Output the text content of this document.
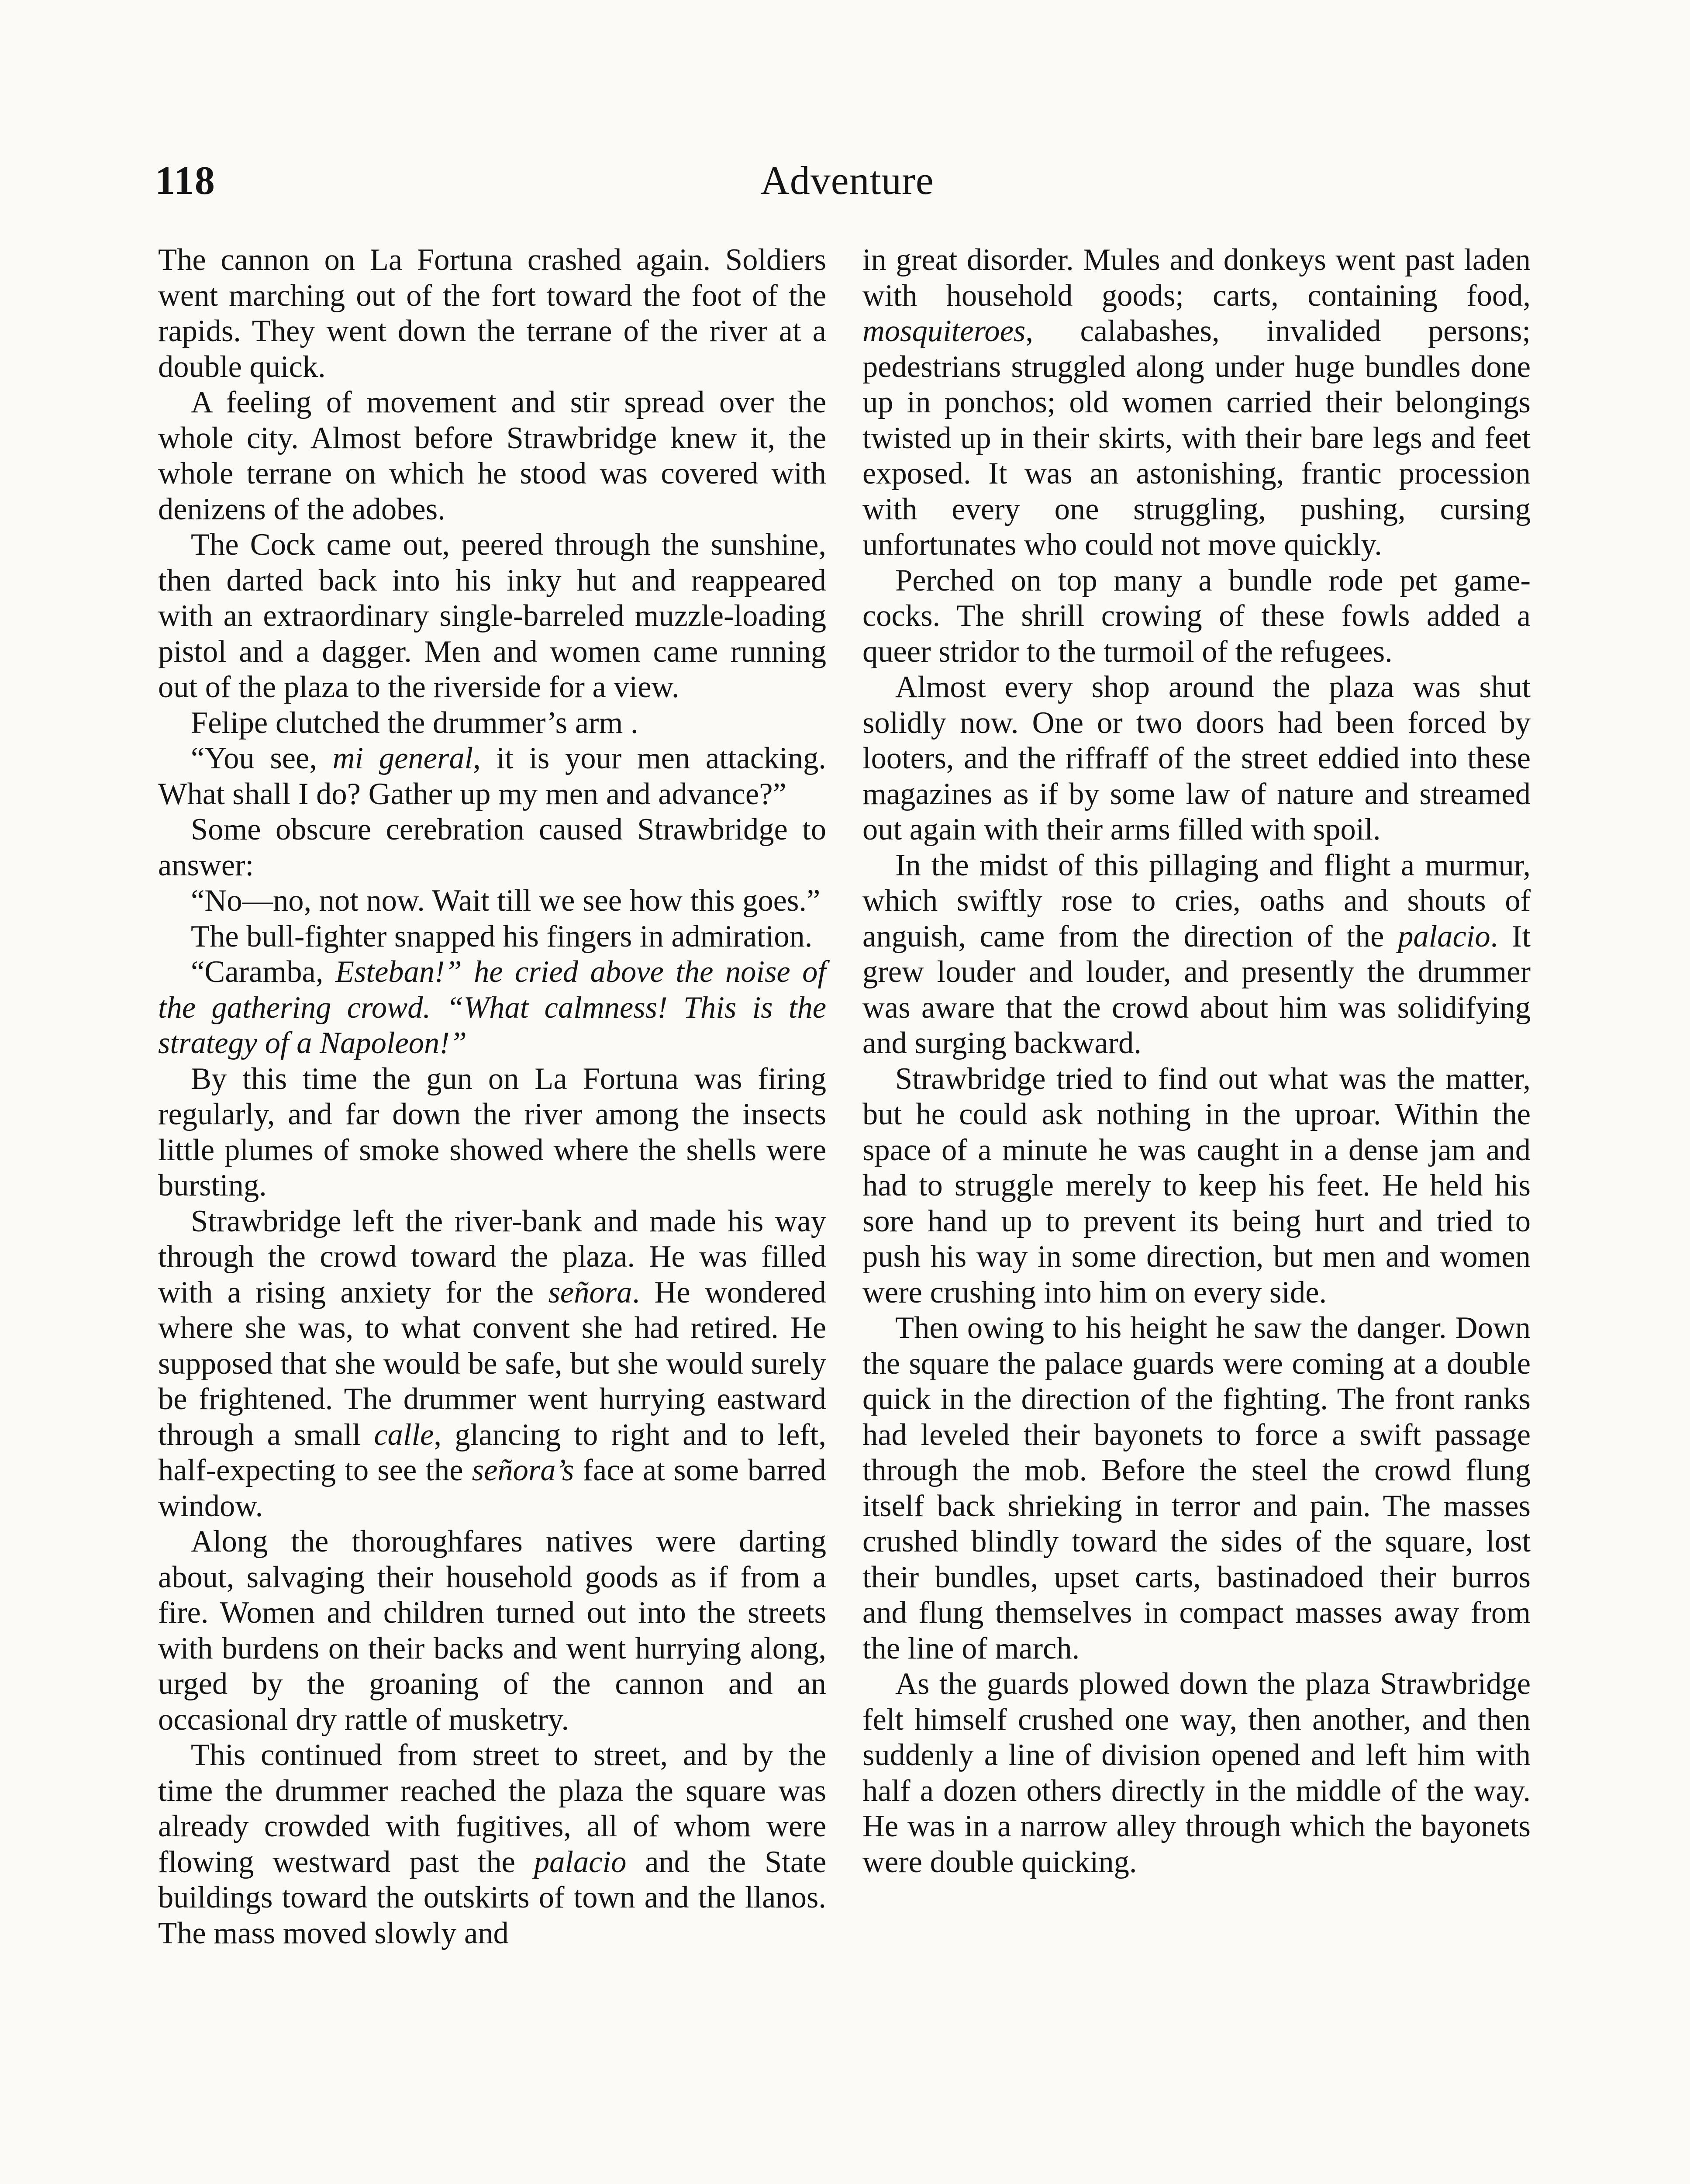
118	Adventure

The cannon on La Fortuna crashed again. Soldiers went marching out of the fort toward the foot of the rapids. They went down the terrane of the river at a double quick.

A feeling of movement and stir spread over the whole city. Almost before Strawbridge knew it, the whole terrane on which he stood was covered with denizens of the adobes.

The Cock came out, peered through the sunshine, then darted back into his inky hut and reappeared with an extraordinary single-barreled muzzle-loading pistol and a dagger. Men and women came running out of the plaza to the riverside for a view.

Felipe clutched the drummer’s arm .

“You see, mi general, it is your men attacking. What shall I do? Gather up my men and advance?”

Some obscure cerebration caused Strawbridge to answer:

“No—no, not now. Wait till we see how this goes.”

The bull-fighter snapped his fingers in admiration.

“Caramba, Esteban!” he cried above the noise of the gathering crowd. “What calmness! This is the strategy of a Napoleon!”

By this time the gun on La Fortuna was firing regularly, and far down the river among the insects little plumes of smoke showed where the shells were bursting.

Strawbridge left the river-bank and made his way through the crowd toward the plaza. He was filled with a rising anxiety for the señora. He wondered where she was, to what convent she had retired. He supposed that she would be safe, but she would surely be frightened. The drummer went hurrying eastward through a small calle, glancing to right and to left, half-expecting to see the señora’s face at some barred window.

Along the thoroughfares natives were darting about, salvaging their household goods as if from a fire. Women and children turned out into the streets with burdens on their backs and went hurrying along, urged by the groaning of the cannon and an occasional dry rattle of musketry.

This continued from street to street, and by the time the drummer reached the plaza the square was already crowded with fugitives, all of whom were flowing westward past the palacio and the State buildings toward the outskirts of town and the llanos. The mass moved slowly and

in great disorder. Mules and donkeys went past laden with household goods; carts, containing food, mosquiteroes, calabashes, invalided persons; pedestrians struggled along under huge bundles done up in ponchos; old women carried their belongings twisted up in their skirts, with their bare legs and feet exposed. It was an astonishing, frantic procession with every one struggling, pushing, cursing unfortunates who could not move quickly.

Perched on top many a bundle rode pet game-cocks. The shrill crowing of these fowls added a queer stridor to the turmoil of the refugees.

Almost every shop around the plaza was shut solidly now. One or two doors had been forced by looters, and the riffraff of the street eddied into these magazines as if by some law of nature and streamed out again with their arms filled with spoil.

In the midst of this pillaging and flight a murmur, which swiftly rose to cries, oaths and shouts of anguish, came from the direction of the palacio. It grew louder and louder, and presently the drummer was aware that the crowd about him was solidifying and surging backward.

Strawbridge tried to find out what was the matter, but he could ask nothing in the uproar. Within the space of a minute he was caught in a dense jam and had to struggle merely to keep his feet. He held his sore hand up to prevent its being hurt and tried to push his way in some direction, but men and women were crushing into him on every side.

Then owing to his height he saw the danger. Down the square the palace guards were coming at a double quick in the direction of the fighting. The front ranks had leveled their bayonets to force a swift passage through the mob. Before the steel the crowd flung itself back shrieking in terror and pain. The masses crushed blindly toward the sides of the square, lost their bundles, upset carts, bastinadoed their burros and flung themselves in compact masses away from the line of march.

As the guards plowed down the plaza Strawbridge felt himself crushed one way, then another, and then suddenly a line of division opened and left him with half a dozen others directly in the middle of the way. He was in a narrow alley through which the bayonets were double quicking.
